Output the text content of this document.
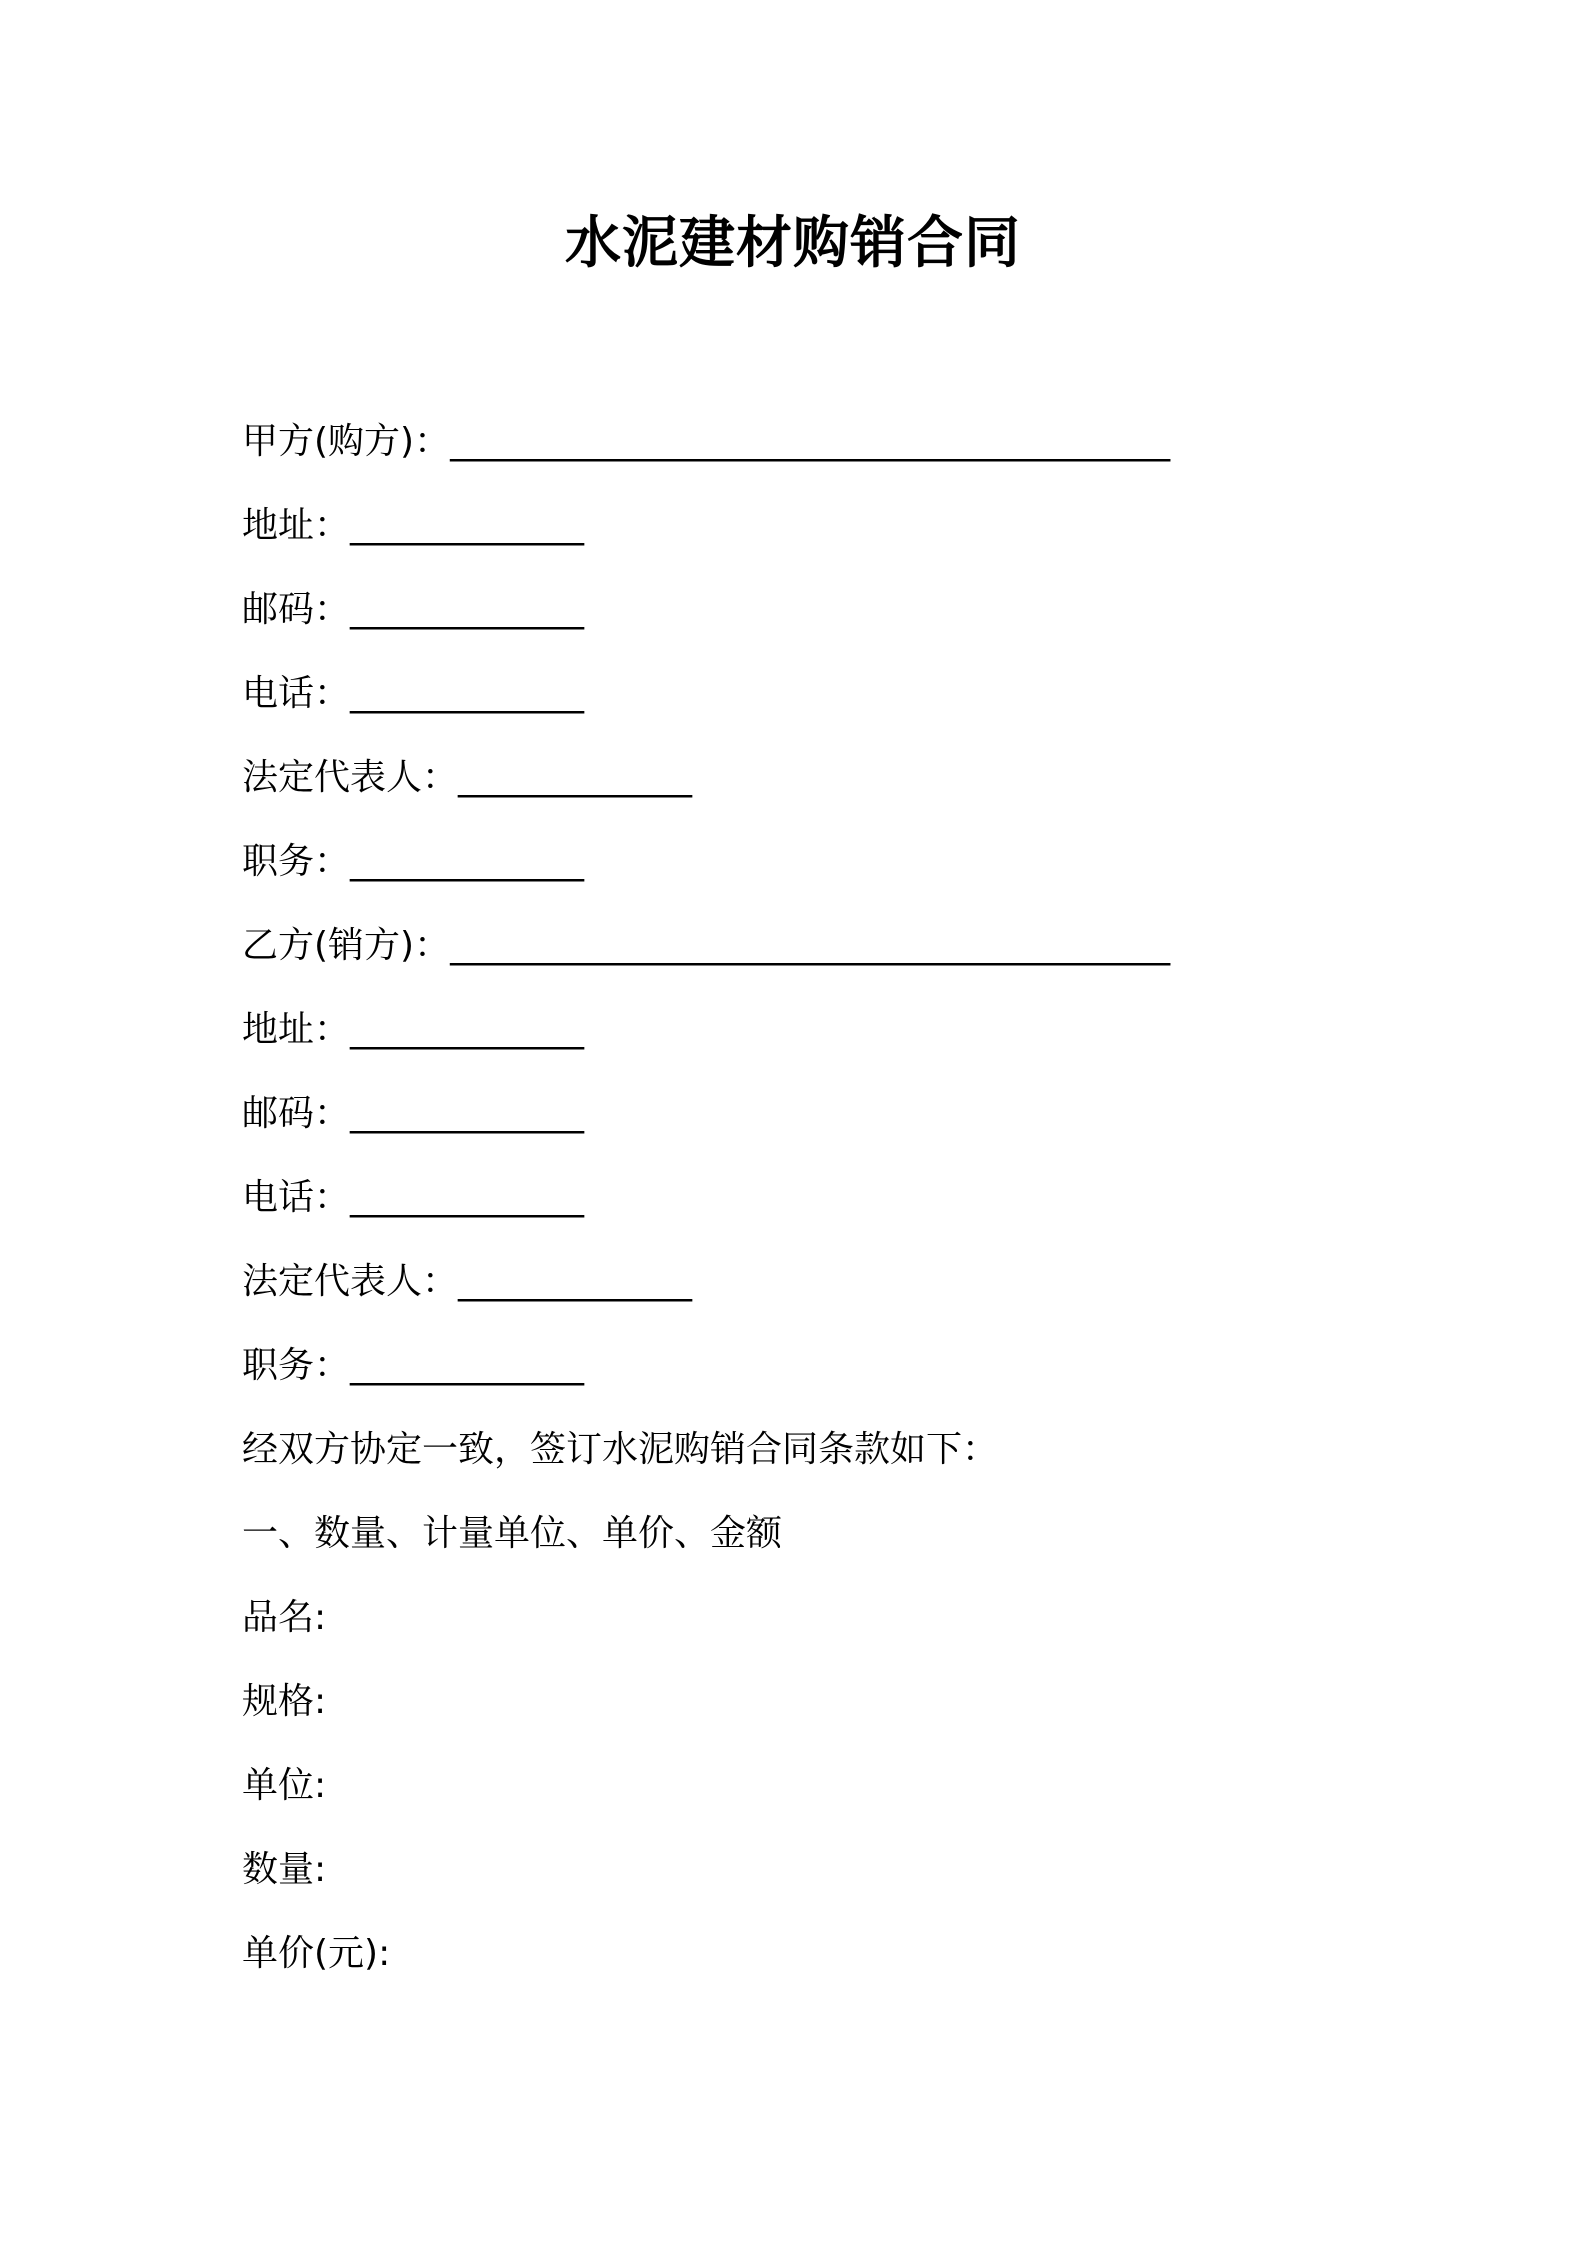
水泥建材购销合同
甲方(购方)：________________________________________
地址：_____________
邮码：_____________
电话：_____________
法定代表人：_____________
职务：_____________
乙方(销方)：________________________________________
地址：_____________
邮码：_____________
电话：_____________
法定代表人：_____________
职务：_____________
经双方协定一致，签订水泥购销合同条款如下：
一、数量、计量单位、单价、金额
品名:
规格:
单位:
数量:
单价(元):
